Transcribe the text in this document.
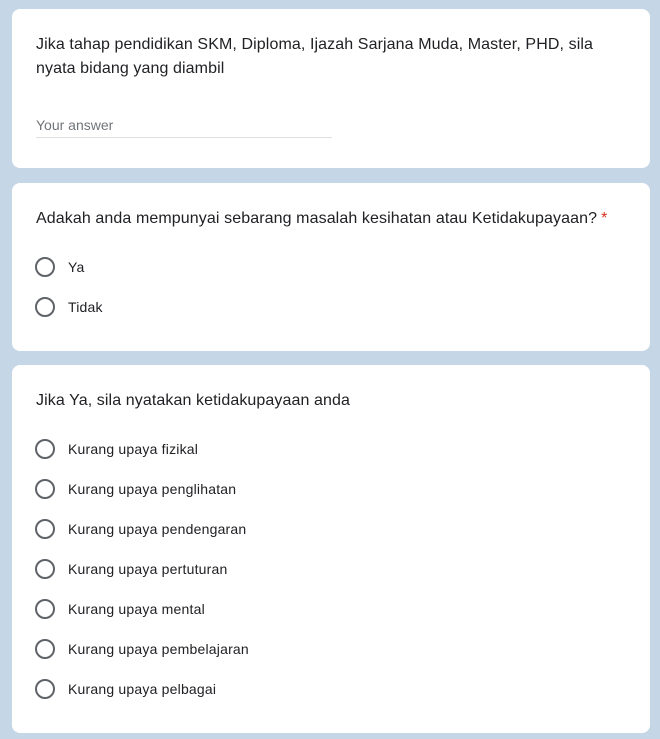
Jika tahap pendidikan SKM, Diploma, Ijazah Sarjana Muda, Master, PHD, sila nyata bidang yang diambil
Your answer
Adakah anda mempunyai sebarang masalah kesihatan atau Ketidakupayaan? *
Ya
Tidak
Jika Ya, sila nyatakan ketidakupayaan anda
Kurang upaya fizikal
Kurang upaya penglihatan
Kurang upaya pendengaran
Kurang upaya pertuturan
Kurang upaya mental
Kurang upaya pembelajaran
Kurang upaya pelbagai
